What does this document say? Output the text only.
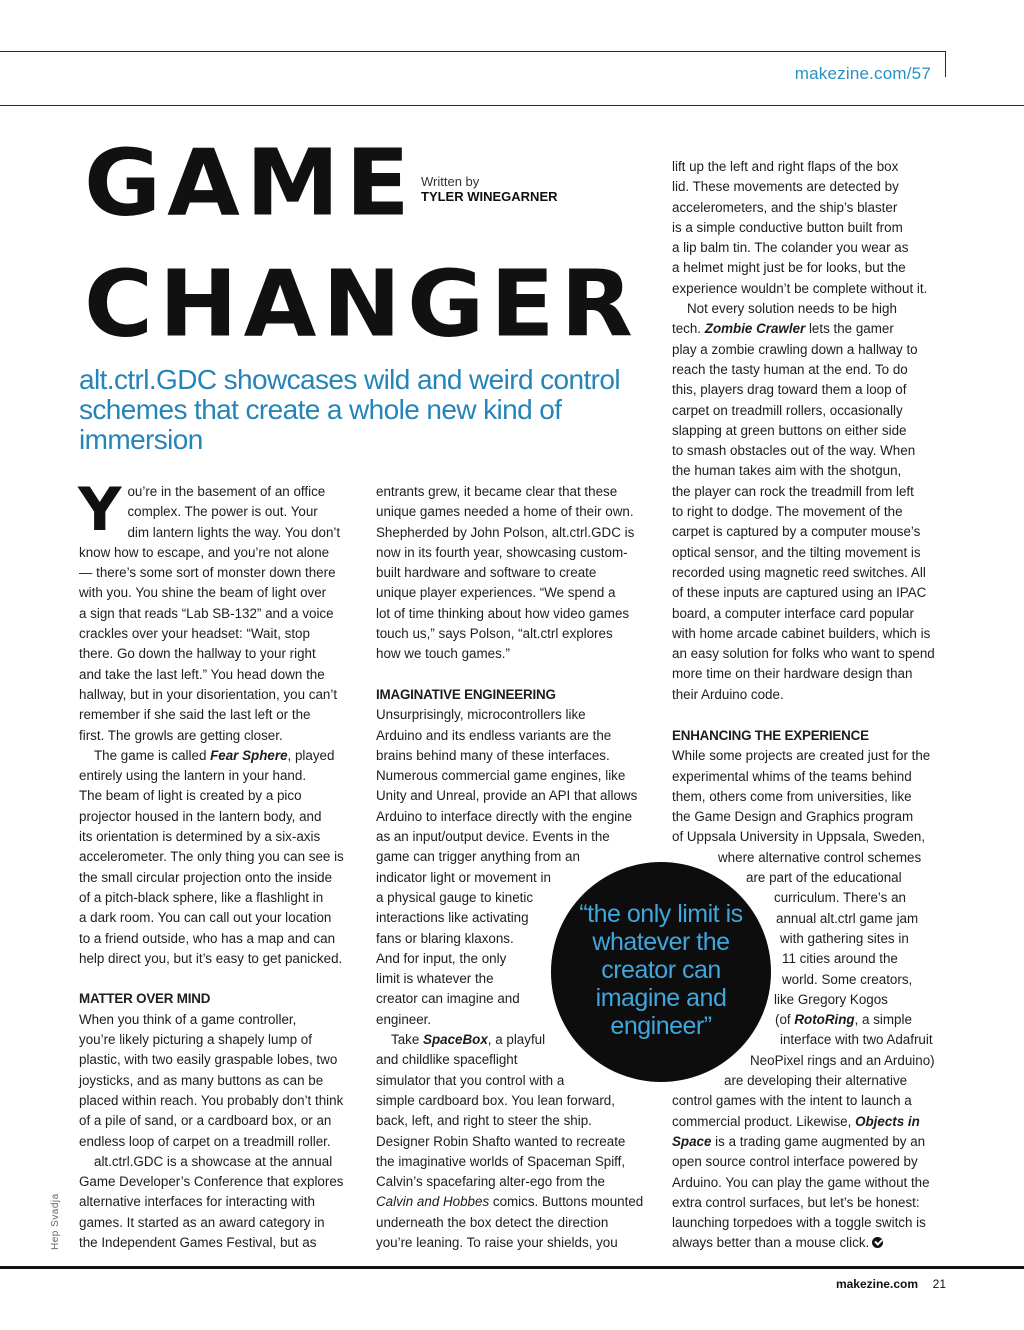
makezine.com/57
GAME
CHANGER
Written by
TYLER WINEGARNER
alt.ctrl.GDC showcases wild and weird control schemes that create a whole new kind of immersion
Y ou’re in the basement of an office
complex. The power is out. Your
dim lantern lights the way. You don’t
know how to escape, and you’re not alone
— there’s some sort of monster down there
with you. You shine the beam of light over
a sign that reads “Lab SB-132” and a voice
crackles over your headset: “Wait, stop
there. Go down the hallway to your right
and take the last left.” You head down the
hallway, but in your disorientation, you can’t
remember if she said the last left or the
first. The growls are getting closer.

The game is called Fear Sphere, played

entirely using the lantern in your hand.
The beam of light is created by a pico
projector housed in the lantern body, and
its orientation is determined by a six-axis
accelerometer. The only thing you can see is
the small circular projection onto the inside
of a pitch-black sphere, like a flashlight in
a dark room. You can call out your location
to a friend outside, who has a map and can
help direct you, but it’s easy to get panicked.
MATTER OVER MIND
When you think of a game controller,
you’re likely picturing a shapely lump of
plastic, with two easily graspable lobes, two
joysticks, and as many buttons as can be
placed within reach. You probably don’t think
of a pile of sand, or a cardboard box, or an
endless loop of carpet on a treadmill roller.
alt.ctrl.GDC is a showcase at the annual
Game Developer’s Conference that explores
alternative interfaces for interacting with
games. It started as an award category in
the Independent Games Festival, but as
entrants grew, it became clear that these
unique games needed a home of their own.
Shepherded by John Polson, alt.ctrl.GDC is
now in its fourth year, showcasing custom-
built hardware and software to create
unique player experiences. “We spend a
lot of time thinking about how video games
touch us,” says Polson, “alt.ctrl explores
how we touch games.”
IMAGINATIVE ENGINEERING
Unsurprisingly, microcontrollers like
Arduino and its endless variants are the
brains behind many of these interfaces.
Numerous commercial game engines, like
Unity and Unreal, provide an API that allows
Arduino to interface directly with the engine
as an input/output device. Events in the
game can trigger anything from an
indicator light or movement in
a physical gauge to kinetic
interactions like activating
fans or blaring klaxons.
And for input, the only
limit is whatever the
creator can imagine and
engineer.

Take SpaceBox, a playful

and childlike spaceflight
simulator that you control with a
simple cardboard box. You lean forward,
back, left, and right to steer the ship.
Designer Robin Shafto wanted to recreate
the imaginative worlds of Spaceman Spiff,
Calvin’s spacefaring alter-ego from the
Calvin and Hobbes comics. Buttons mounted
underneath the box detect the direction
you’re leaning. To raise your shields, you
lift up the left and right flaps of the box
lid. These movements are detected by
accelerometers, and the ship’s blaster
is a simple conductive button built from
a lip balm tin. The colander you wear as
a helmet might just be for looks, but the
experience wouldn’t be complete without it.

Not every solution needs to be high

tech. Zombie Crawler lets the gamer
play a zombie crawling down a hallway to
reach the tasty human at the end. To do
this, players drag toward them a loop of
carpet on treadmill rollers, occasionally
slapping at green buttons on either side
to smash obstacles out of the way. When
the human takes aim with the shotgun,
the player can rock the treadmill from left
to right to dodge. The movement of the
carpet is captured by a computer mouse’s
optical sensor, and the tilting movement is
recorded using magnetic reed switches. All
of these inputs are captured using an IPAC
board, a computer interface card popular
with home arcade cabinet builders, which is
an easy solution for folks who want to spend
more time on their hardware design than
their Arduino code.
ENHANCING THE EXPERIENCE
While some projects are created just for the
experimental whims of the teams behind
them, others come from universities, like
the Game Design and Graphics program
of Uppsala University in Uppsala, Sweden,
where alternative control schemes
are part of the educational
curriculum. There’s an
annual alt.ctrl game jam
with gathering sites in
11 cities around the
world. Some creators,
like Gregory Kogos
(of RotoRing, a simple
interface with two Adafruit
NeoPixel rings and an Arduino)
are developing their alternative
control games with the intent to launch a
commercial product. Likewise, Objects in
Space is a trading game augmented by an
open source control interface powered by
Arduino. You can play the game without the
extra control surfaces, but let’s be honest:
launching torpedoes with a toggle switch is
always better than a mouse click.
“the only limit is whatever the creator can imagine and engineer”
Hep Svadja
makezine.com 21
